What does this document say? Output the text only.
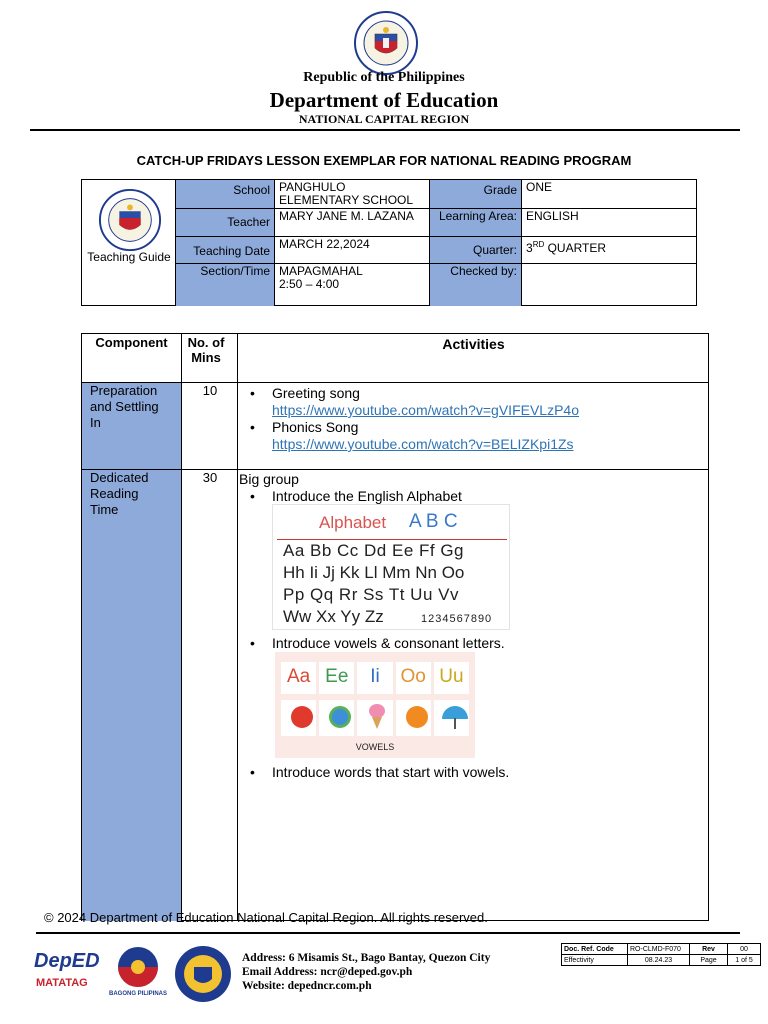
Republic of the Philippines
Department of Education
NATIONAL CAPITAL REGION
CATCH-UP FRIDAYS LESSON EXEMPLAR FOR NATIONAL READING PROGRAM
Teaching Guide
School PANGHULO ELEMENTARY SCHOOL
Grade ONE
Teacher MARY JANE M. LAZANA	Learning Area: ENGLISH
Teaching Date MARCH 22,2024	Quarter: 3RD QUARTER
Section/Time MAPAGMAHAL
2:50 – 4:00
Checked by:
Component	No. of Mins
Activities
Preparation and Settling In
10
•	Greeting song
https://www.youtube.com/watch?v=gVIFEVLzP4o
• Phonics Song
https://www.youtube.com/watch?v=BELIZKpi1Zs
Dedicated Reading Time
30	Big group
• Introduce the English Alphabet
• Introduce vowels & consonant letters.
• Introduce words that start with vowels.
Alphabet A B C
Aa Bb Cc Dd Ee Ff Gg
Hh Ii Jj Kk Ll Mm Nn Oo
Pp Qq Rr Ss Tt Uu Vv
Ww Xx Yy Zz	1234567890
Aa Ee	Ii	Oo Uu
VOWELS
© 2024 Department of Education National Capital Region. All rights reserved.
DepED
MATATAG
BAGONG PILIPINAS
Address: 6 Misamis St., Bago Bantay, Quezon City
Email Address: ncr@deped.gov.ph
Website: depedncr.com.ph
Doc. Ref. Code	RO-CLMD-F070	Rev	00
Effectivity	08.24.23	Page	1 of 5
